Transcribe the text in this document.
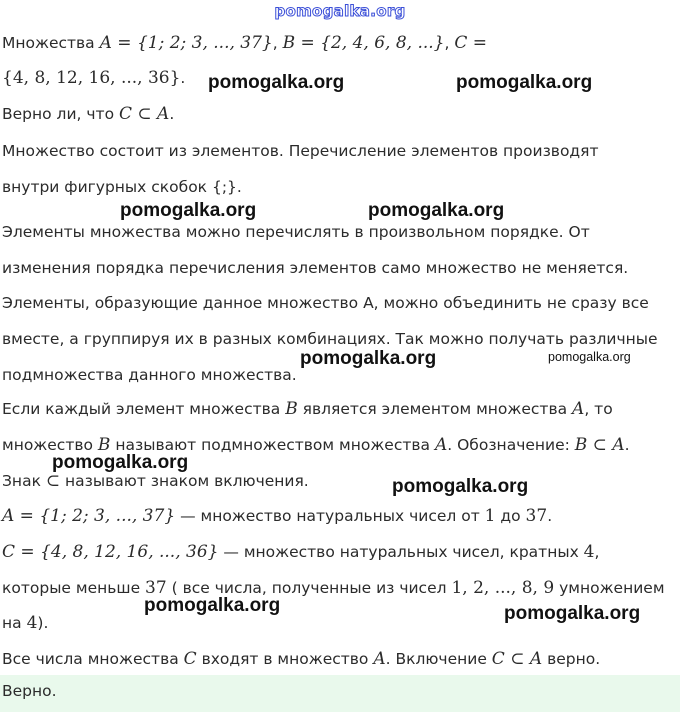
pomogalka.org
Множества A = {1; 2; 3, ..., 37}, B = {2, 4, 6, 8, ...}, C =
{4, 8, 12, 16, ..., 36}.
Верно ли, что C ⊂ A.
Множество состоит из элементов. Перечисление элементов производят
внутри фигурных скобок {;}.
Элементы множества можно перечислять в произвольном порядке. От
изменения порядка перечисления элементов само множество не меняется.
Элементы, образующие данное множество A, можно объединить не сразу все
вместе, а группируя их в разных комбинациях. Так можно получать различные
подмножества данного множества.
Если каждый элемент множества B является элементом множества A, то
множество B называют подмножеством множества A. Обозначение: B ⊂ A.
Знак ⊂ называют знаком включения.
A = {1; 2; 3, ..., 37} — множество натуральных чисел от 1 до 37.
C = {4, 8, 12, 16, ..., 36} — множество натуральных чисел, кратных 4,
которые меньше 37 ( все числа, полученные из чисел 1, 2, ..., 8, 9 умножением
на 4).
Все числа множества C входят в множество A. Включение C ⊂ A верно.
Верно.
pomogalka.org	pomogalka.org
pomogalka.org	pomogalka.org
pomogalka.org	pomogalka.org
pomogalka.org
pomogalka.org
pomogalka.org	pomogalka.org
